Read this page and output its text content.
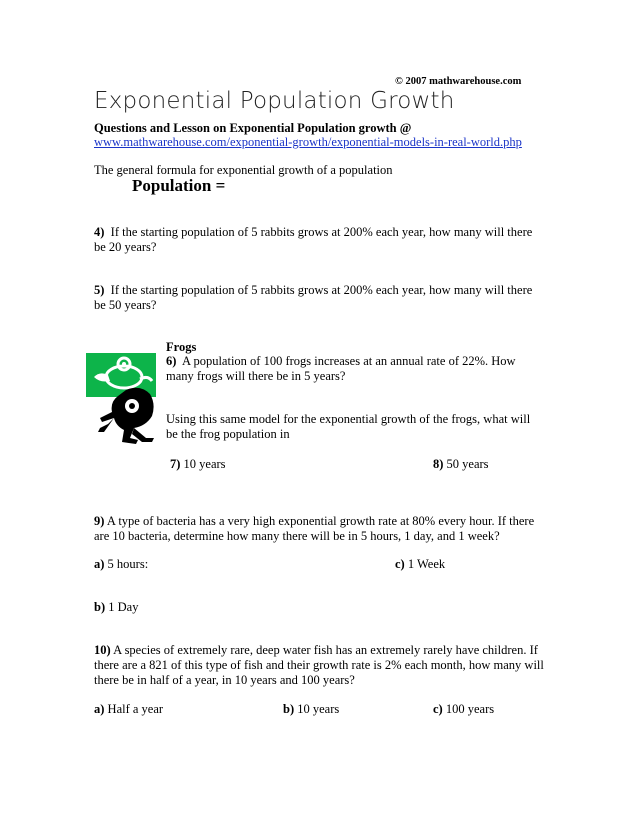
© 2007 mathwarehouse.com
Exponential Population Growth
Questions and Lesson on Exponential Population growth @
www.mathwarehouse.com/exponential-growth/exponential-models-in-real-world.php
The general formula for exponential growth of a population
Population =
4) If the starting population of 5 rabbits grows at 200% each year, how many will there be 20 years?
5) If the starting population of 5 rabbits grows at 200% each year, how many will there be 50 years?
Frogs
6) A population of 100 frogs increases at an annual rate of 22%. How many frogs will there be in 5 years?
Using this same model for the exponential growth of the frogs, what will be the frog population in
7) 10 years	8) 50 years
9) A type of bacteria has a very high exponential growth rate at 80% every hour. If there are 10 bacteria, determine how many there will be in 5 hours, 1 day, and 1 week?
a) 5 hours:	c) 1 Week
b) 1 Day
10) A species of extremely rare, deep water fish has an extremely rarely have children. If there are a 821 of this type of fish and their growth rate is 2% each month, how many will there be in half of a year, in 10 years and 100 years?
a) Half a year	b) 10 years	c) 100 years
